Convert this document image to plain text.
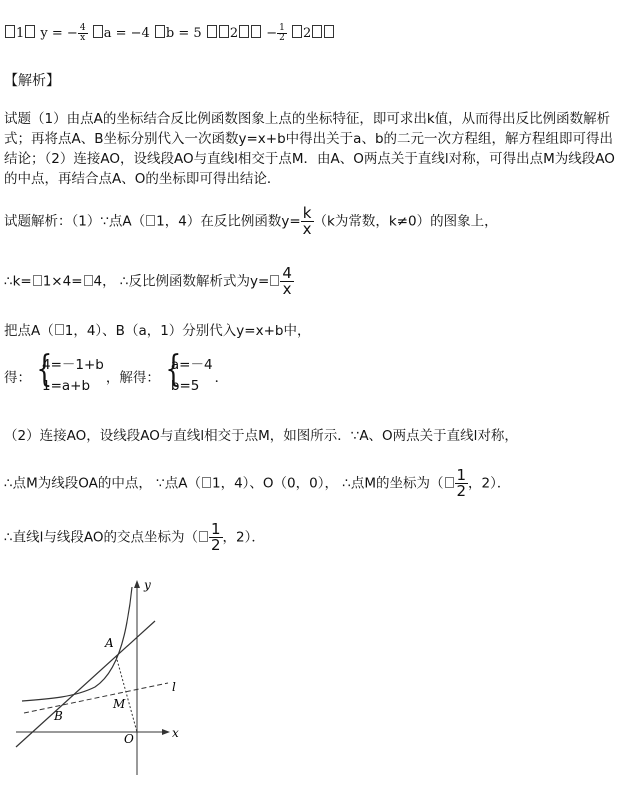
1 y = − $\frac{4}{x}$ a = −4 b = 5 $2 - \frac{1}{2} 2$
【解析】
试题（1）由点A的坐标结合反比例函数图象上点的坐标特征，即可求出k值，从而得出反比例函数解析式；再将点A、B坐标分别代入一次函数y=x+b中得出关于a、b的二元一次方程组，解方程组即可得出结论；（2）连接AO，设线段AO与直线l相交于点M．由A、O两点关于直线l对称，可得出点M为线段AO的中点，再结合点A、O的坐标即可得出结论．
试题解析：（1）∵点A（ 1，4）在反比例函数$y= \frac{k}{x} (k$为常数，k≠0）的图象上，
∴k= 1×4= 4， ∴反比例函数解析式为$y= \frac{4}{x}$
把点A（ 1，4）、B（a，1）分别代入y=x+b中，
得： {
4=－1+b
1=a+b	，解得： {
a=－4
b=5	．
（2）连接AO，设线段AO与直线l相交于点M，如图所示．∵A、O两点关于直线l对称，
∴点M为线段OA的中点， ∵点A（ 1，4）、O（0，0）， ∴点M的坐标为（ $\frac{1}{2}$ ，2）．
∴直线l与线段AO的交点坐标为（ $\frac{1}{2}$ ，2）．
y
x
A
B
M
O
l
